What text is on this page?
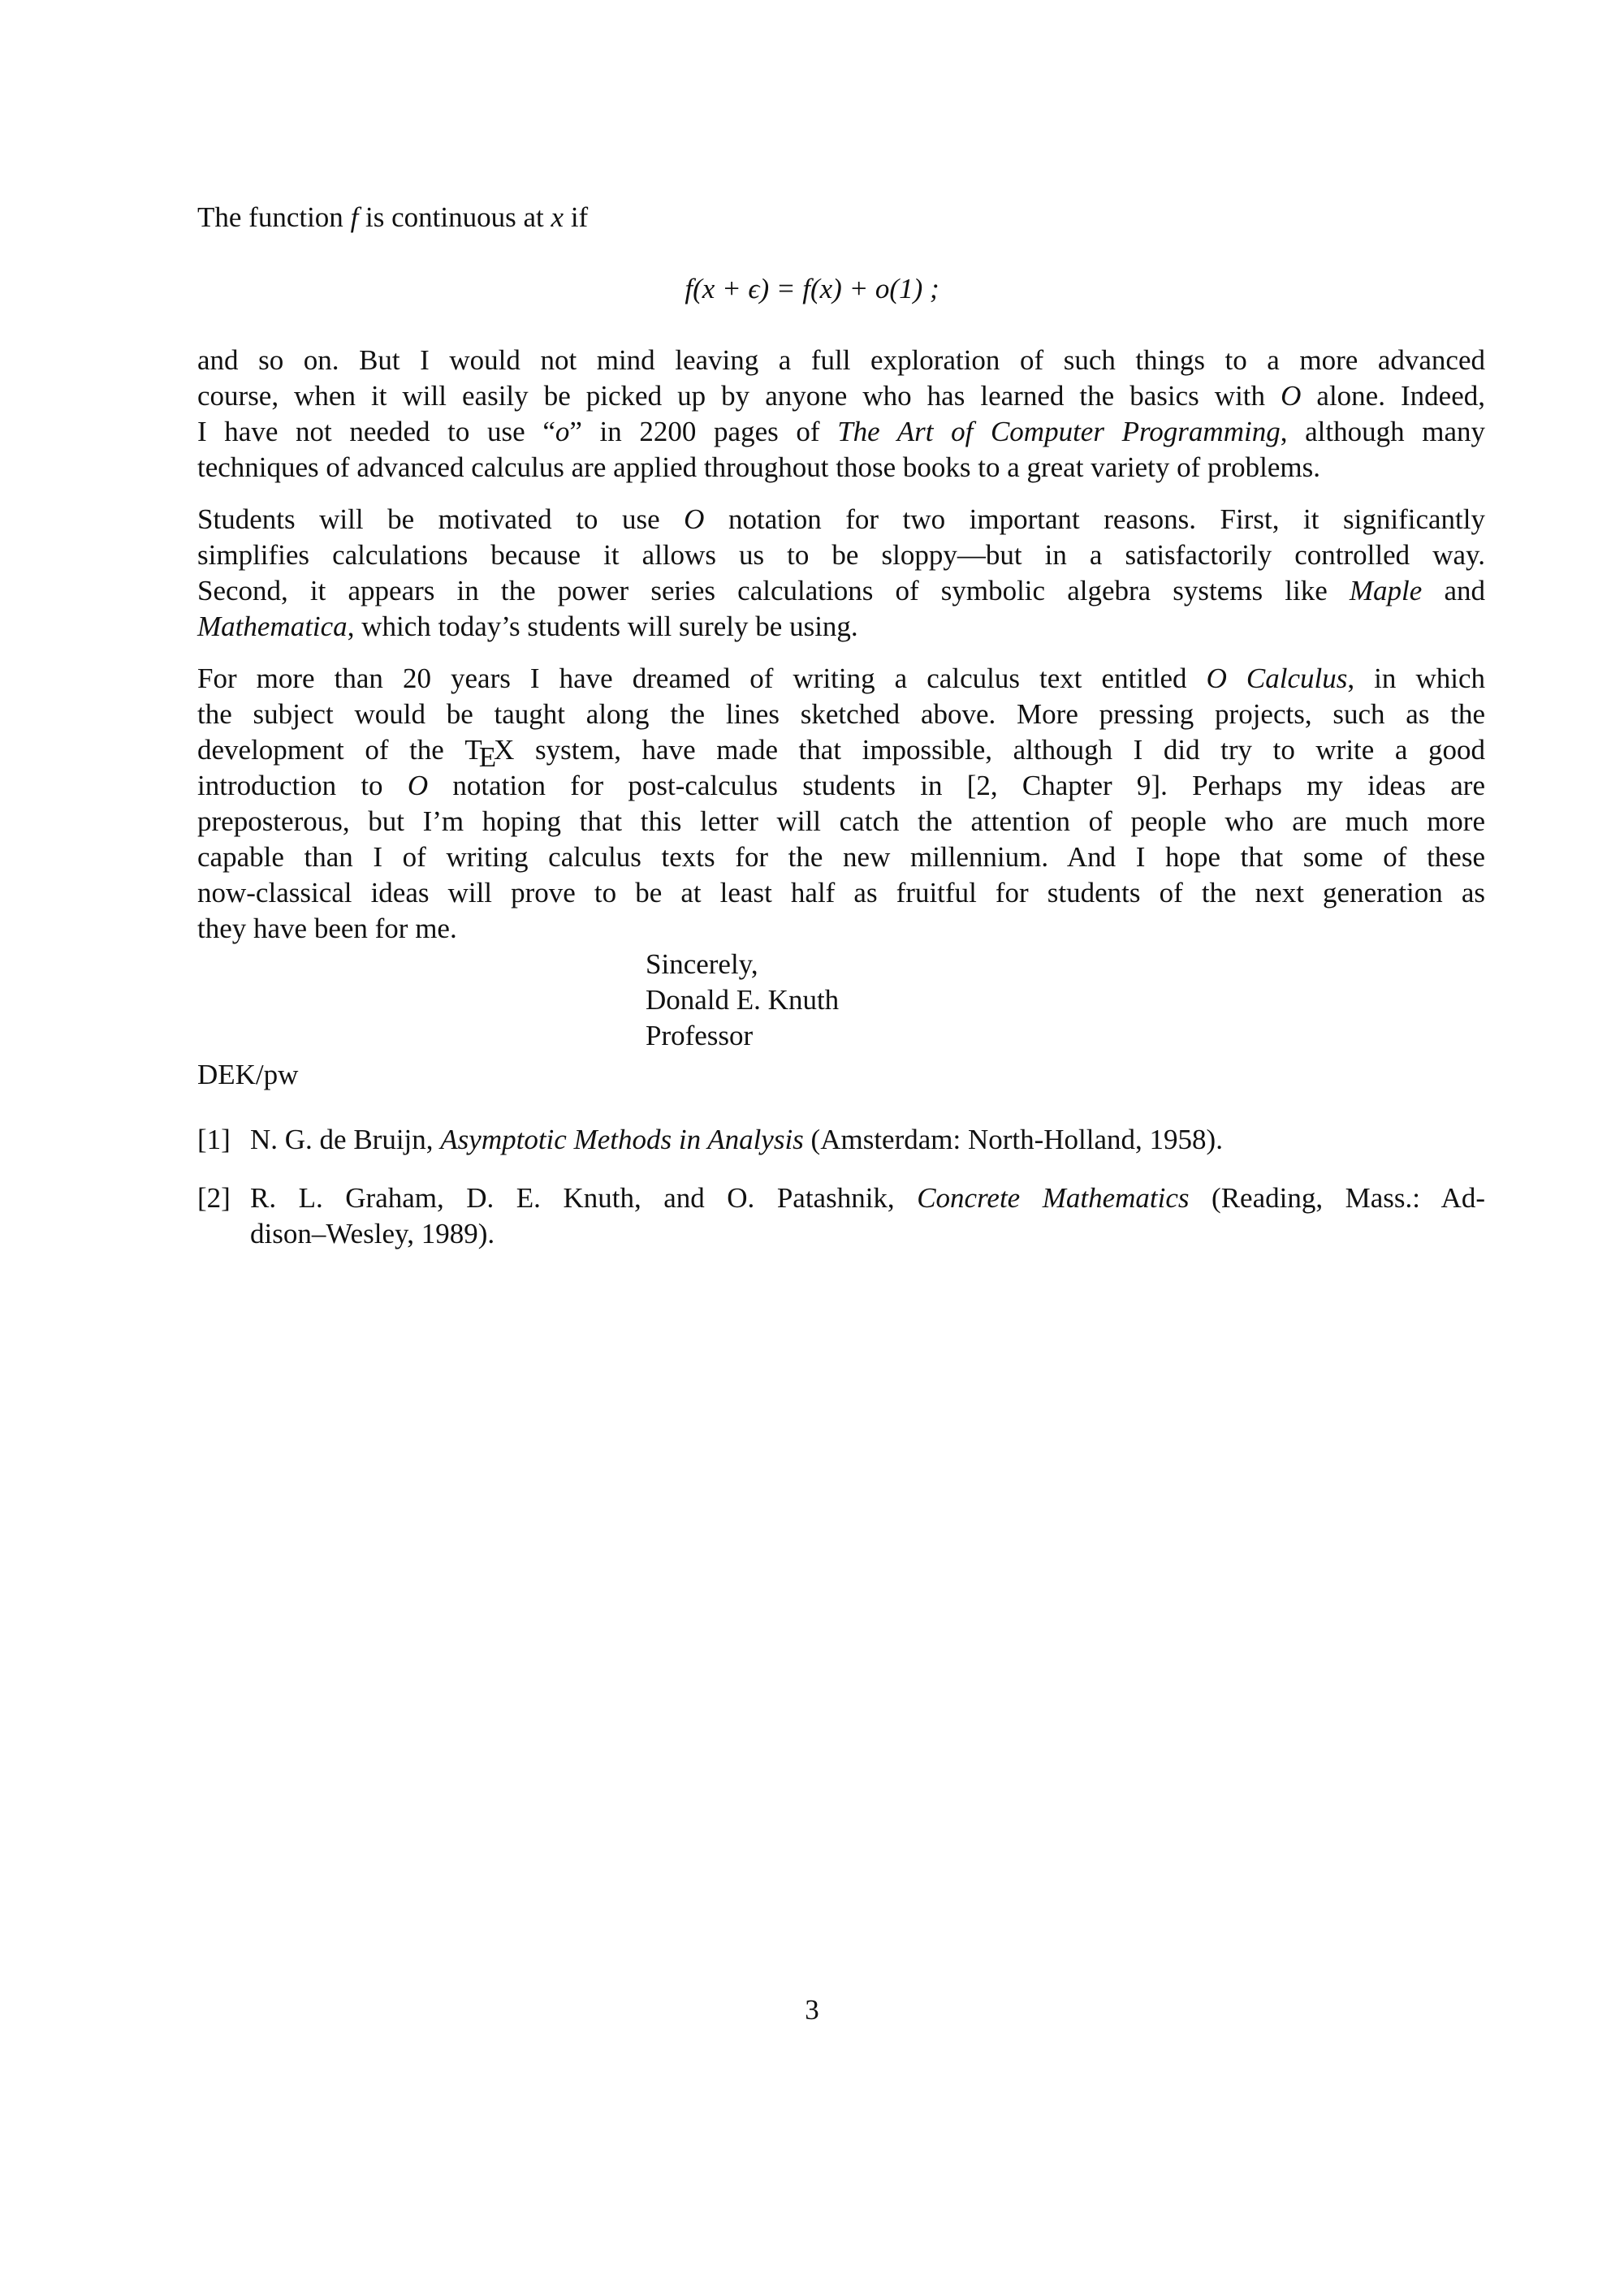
The function f is continuous at x if
f(x + ϵ) = f(x) + o(1) ;
and so on. But I would not mind leaving a full exploration of such things to a more advanced
course, when it will easily be picked up by anyone who has learned the basics with O alone. Indeed,
I have not needed to use “o” in 2200 pages of The Art of Computer Programming, although many
techniques of advanced calculus are applied throughout those books to a great variety of problems.
Students will be motivated to use O notation for two important reasons. First, it significantly
simplifies calculations because it allows us to be sloppy—but in a satisfactorily controlled way.
Second, it appears in the power series calculations of symbolic algebra systems like Maple and
Mathematica, which today’s students will surely be using.
For more than 20 years I have dreamed of writing a calculus text entitled O Calculus, in which
the subject would be taught along the lines sketched above. More pressing projects, such as the
development of the TEX system, have made that impossible, although I did try to write a good
introduction to O notation for post-calculus students in [2, Chapter 9]. Perhaps my ideas are
preposterous, but I’m hoping that this letter will catch the attention of people who are much more
capable than I of writing calculus texts for the new millennium. And I hope that some of these
now-classical ideas will prove to be at least half as fruitful for students of the next generation as
they have been for me.
Sincerely,
Donald E. Knuth
Professor
DEK/pw
[1] N. G. de Bruijn, Asymptotic Methods in Analysis (Amsterdam: North-Holland, 1958).
[2] R. L. Graham, D. E. Knuth, and O. Patashnik, Concrete Mathematics (Reading, Mass.: Ad-
dison–Wesley, 1989).
3
